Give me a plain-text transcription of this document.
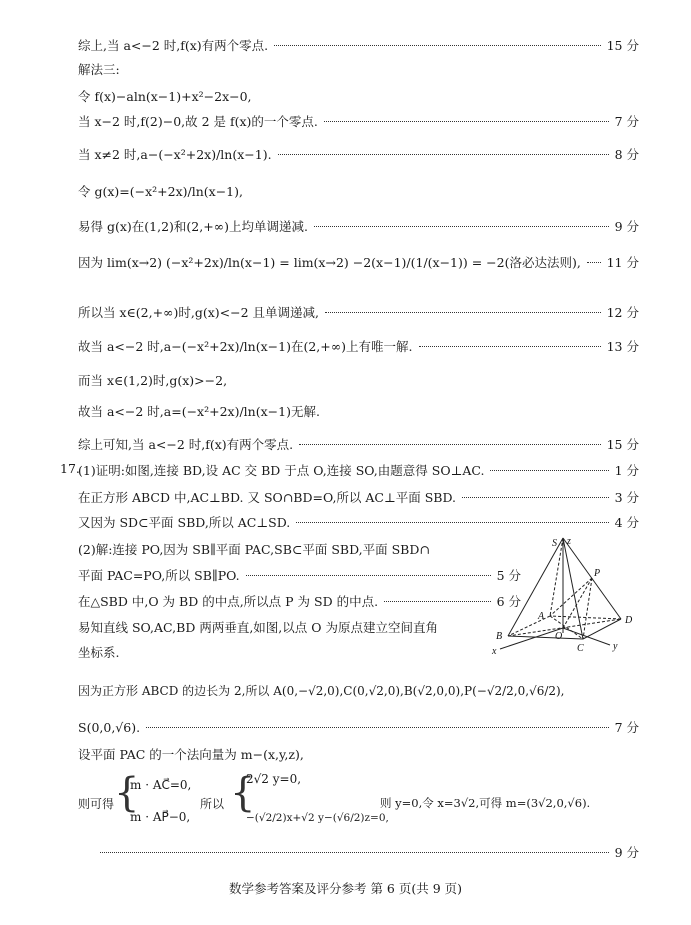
综上,当 a<−2 时,f(x)有两个零点.	15 分
解法三:
令 f(x)−aln(x−1)+x²−2x−0,
当 x−2 时,f(2)−0,故 2 是 f(x)的一个零点.	7 分
当 x≠2 时,a−(−x²+2x)/ln(x−1).	8 分
令 g(x)=(−x²+2x)/ln(x−1),
易得 g(x)在(1,2)和(2,+∞)上均单调递减.	9 分
因为 lim(x→2) (−x²+2x)/ln(x−1) = lim(x→2) −2(x−1)/(1/(x−1)) = −2(洛必达法则), 11 分
所以当 x∈(2,+∞)时,g(x)<−2 且单调递减,	12 分
故当 a<−2 时,a−(−x²+2x)/ln(x−1)在(2,+∞)上有唯一解.	13 分
而当 x∈(1,2)时,g(x)>−2,
故当 a<−2 时,a=(−x²+2x)/ln(x−1)无解.
综上可知,当 a<−2 时,f(x)有两个零点.	15 分
17.
(1)证明:如图,连接 BD,设 AC 交 BD 于点 O,连接 SO,由题意得 SO⊥AC.	1 分
在正方形 ABCD 中,AC⊥BD. 又 SO∩BD=O,所以 AC⊥平面 SBD.	3 分
又因为 SD⊂平面 SBD,所以 AC⊥SD.	4 分
(2)解:连接 PO,因为 SB∥平面 PAC,SB⊂平面 SBD,平面 SBD∩
平面 PAC=PO,所以 SB∥PO.	5 分
在△SBD 中,O 为 BD 的中点,所以点 P 为 SD 的中点.	6 分
易知直线 SO,AC,BD 两两垂直,如图,以点 O 为原点建立空间直角
坐标系.
S z
P
A
O
D
B
C
x	y
因为正方形 ABCD 的边长为 2,所以 A(0,−√2,0),C(0,√2,0),B(√2,0,0),P(−√2/2,0,√6/2),
S(0,0,√6).	7 分
设平面 PAC 的一个法向量为 m−(x,y,z),
则可得 {
m · AC⃗=0,
m · AP⃗−0,
所以 {
2√2 y=0,
−(√2/2)x+√2 y−(√6/2)z=0,
则 y=0,令 x=3√2,可得 m=(3√2,0,√6).
9 分
数学参考答案及评分参考 第 6 页(共 9 页)
